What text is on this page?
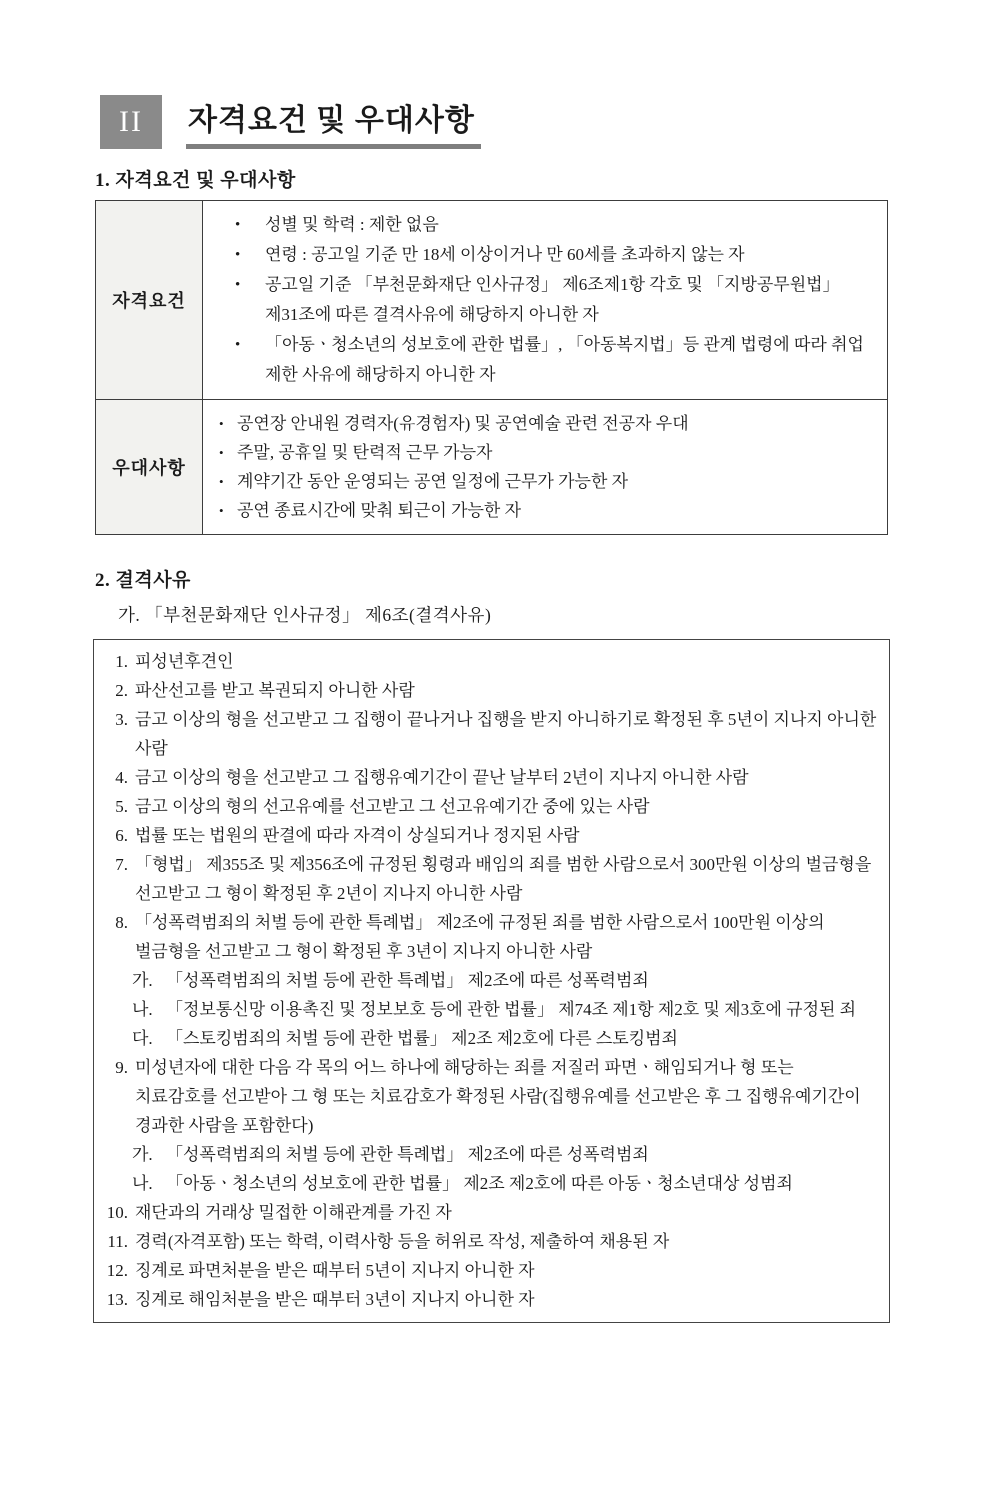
II	자격요건 및 우대사항
1. 자격요건 및 우대사항
자격요건	
• 성별 및 학력 : 제한 없음
• 연령 : 공고일 기준 만 18세 이상이거나 만 60세를 초과하지 않는 자
• 공고일 기준 「부천문화재단 인사규정」 제6조제1항 각호 및 「지방공무원법」 제31조에 따른 결격사유에 해당하지 아니한 자
• 「아동ㆍ청소년의 성보호에 관한 법률」, 「아동복지법」등 관계 법령에 따라 취업 제한 사유에 해당하지 아니한 자

우대사항	
• 공연장 안내원 경력자(유경험자) 및 공연예술 관련 전공자 우대
• 주말, 공휴일 및 탄력적 근무 가능자
• 계약기간 동안 운영되는 공연 일정에 근무가 가능한 자
• 공연 종료시간에 맞춰 퇴근이 가능한 자
2. 결격사유
가. 「부천문화재단 인사규정」 제6조(결격사유)
1. 피성년후견인
2. 파산선고를 받고 복권되지 아니한 사람
3. 금고 이상의 형을 선고받고 그 집행이 끝나거나 집행을 받지 아니하기로 확정된 후 5년이 지나지 아니한 사람
4. 금고 이상의 형을 선고받고 그 집행유예기간이 끝난 날부터 2년이 지나지 아니한 사람
5. 금고 이상의 형의 선고유예를 선고받고 그 선고유예기간 중에 있는 사람
6. 법률 또는 법원의 판결에 따라 자격이 상실되거나 정지된 사람
7. 「형법」 제355조 및 제356조에 규정된 횡령과 배임의 죄를 범한 사람으로서 300만원 이상의 벌금형을 선고받고 그 형이 확정된 후 2년이 지나지 아니한 사람
8. 「성폭력범죄의 처벌 등에 관한 특례법」 제2조에 규정된 죄를 범한 사람으로서 100만원 이상의 벌금형을 선고받고 그 형이 확정된 후 3년이 지나지 아니한 사람
가. 「성폭력범죄의 처벌 등에 관한 특례법」 제2조에 따른 성폭력범죄
나. 「정보통신망 이용촉진 및 정보보호 등에 관한 법률」 제74조 제1항 제2호 및 제3호에 규정된 죄
다. 「스토킹범죄의 처벌 등에 관한 법률」 제2조 제2호에 다른 스토킹범죄
9. 미성년자에 대한 다음 각 목의 어느 하나에 해당하는 죄를 저질러 파면ㆍ해임되거나 형 또는 치료감호를 선고받아 그 형 또는 치료감호가 확정된 사람(집행유예를 선고받은 후 그 집행유예기간이 경과한 사람을 포함한다)
가. 「성폭력범죄의 처벌 등에 관한 특례법」 제2조에 따른 성폭력범죄
나. 「아동ㆍ청소년의 성보호에 관한 법률」 제2조 제2호에 따른 아동ㆍ청소년대상 성범죄
10. 재단과의 거래상 밀접한 이해관계를 가진 자
11. 경력(자격포함) 또는 학력, 이력사항 등을 허위로 작성, 제출하여 채용된 자
12. 징계로 파면처분을 받은 때부터 5년이 지나지 아니한 자
13. 징계로 해임처분을 받은 때부터 3년이 지나지 아니한 자
